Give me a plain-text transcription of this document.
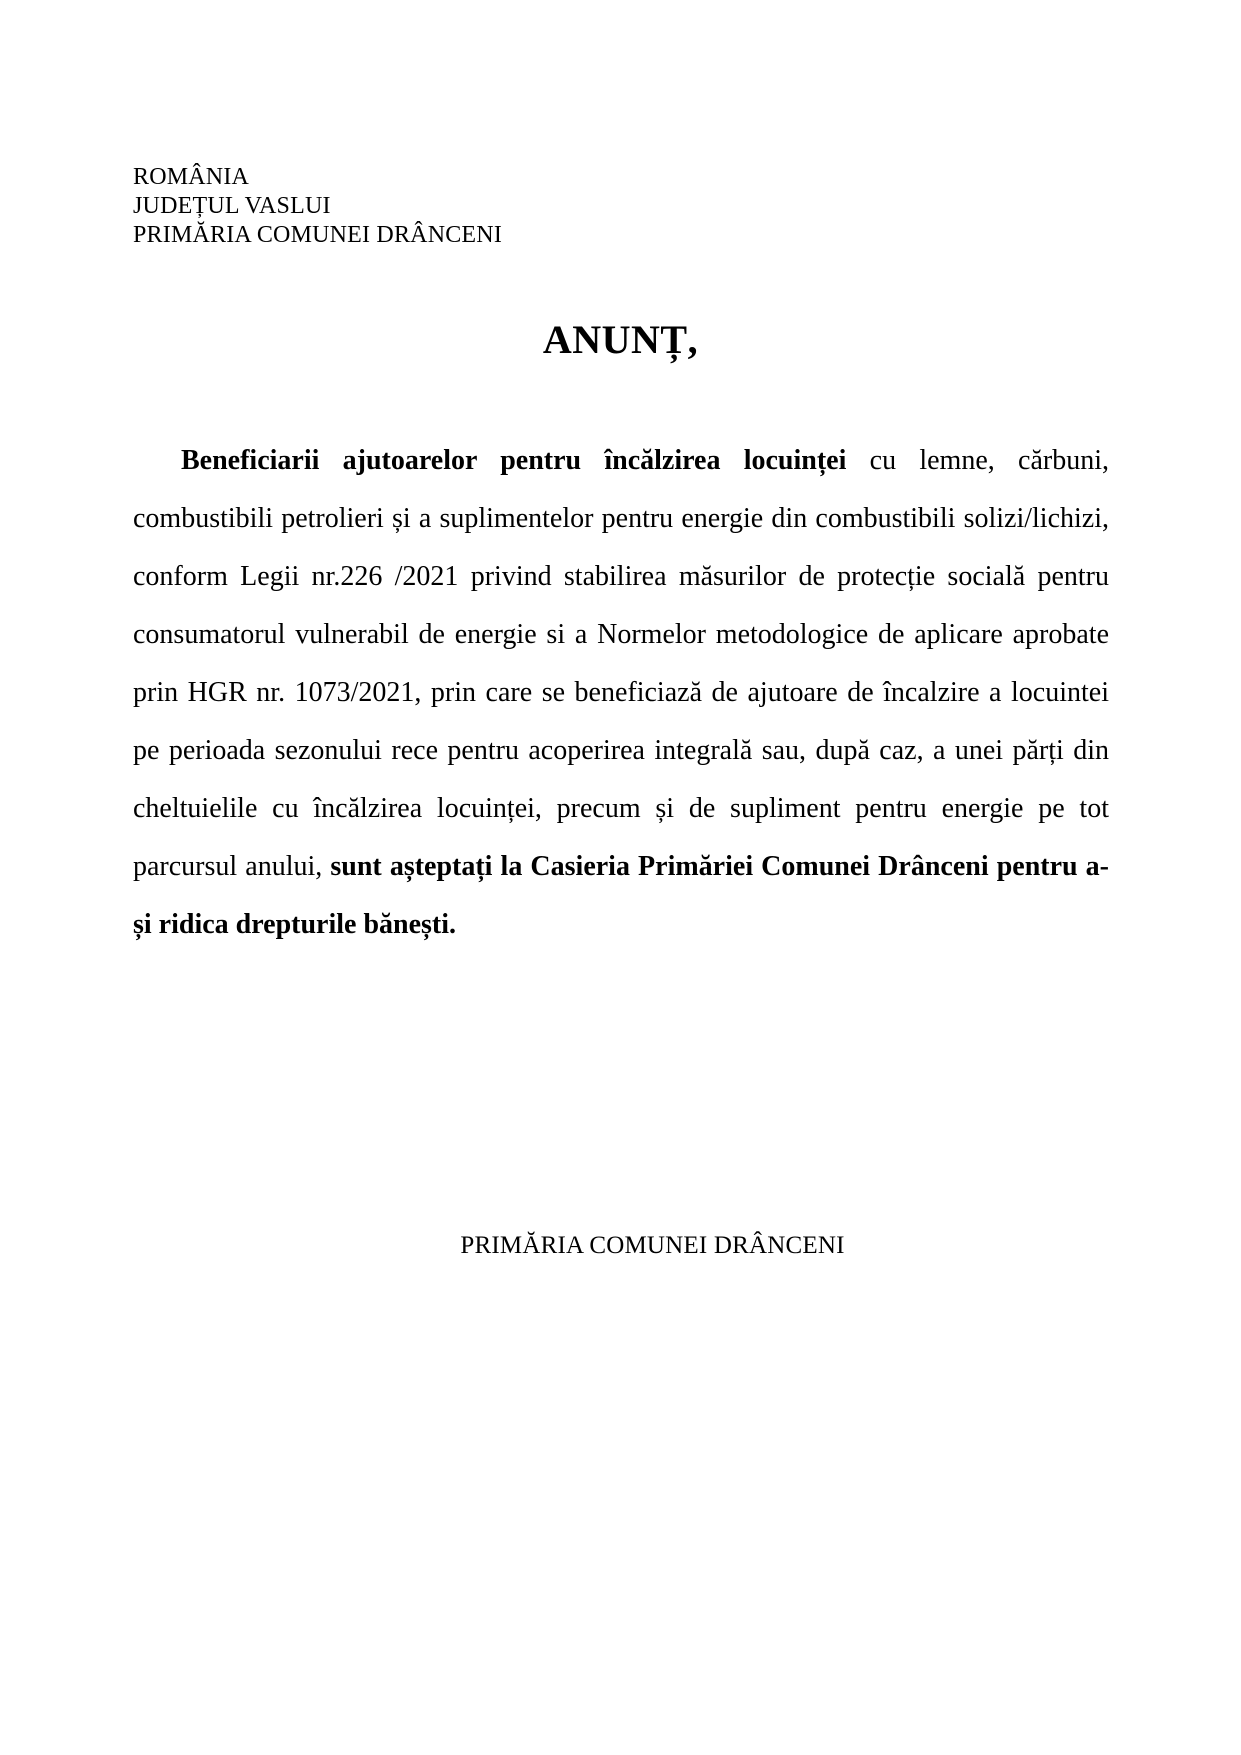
ROMÂNIA
JUDEȚUL VASLUI
PRIMĂRIA COMUNEI DRÂNCENI
ANUNȚ,

Beneficiarii ajutoarelor pentru încălzirea locuinței cu lemne, cărbuni, combustibili petrolieri și a suplimentelor pentru energie din combustibili solizi/lichizi, conform Legii nr.226 /2021 privind stabilirea măsurilor de protecție socială pentru consumatorul vulnerabil de energie si a Normelor metodologice de aplicare aprobate prin HGR nr. 1073/2021, prin care se beneficiază de ajutoare de încalzire a locuintei pe perioada sezonului rece pentru acoperirea integrală sau, după caz, a unei părți din cheltuielile cu încălzirea locuinței, precum și de supliment pentru energie pe tot parcursul anului, sunt așteptați la Casieria Primăriei Comunei Drânceni pentru a-și ridica drepturile bănești.

PRIMĂRIA COMUNEI DRÂNCENI
